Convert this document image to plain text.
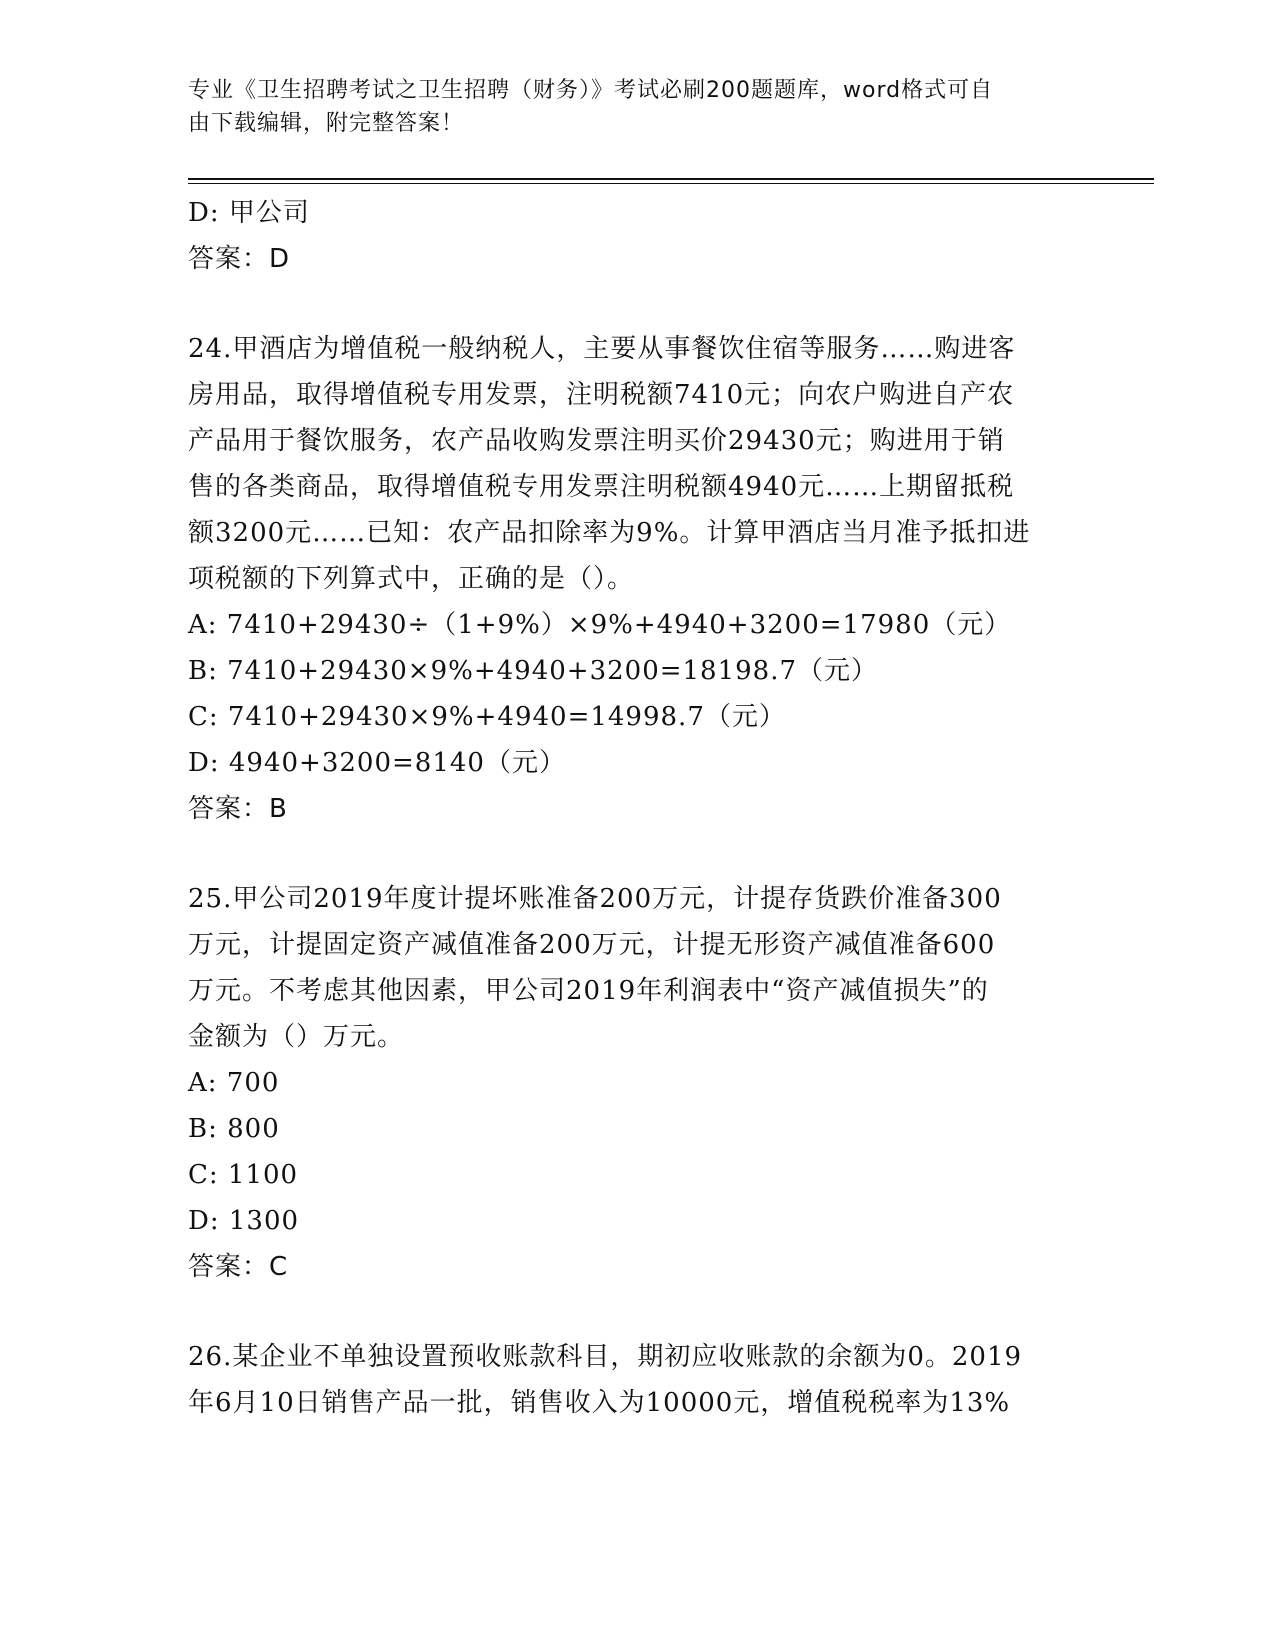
专业《卫生招聘考试之卫生招聘（财务）》考试必刷200题题库，word格式可自
由下载编辑，附完整答案！
D: 甲公司
答案：D
24.甲酒店为增值税一般纳税人，主要从事餐饮住宿等服务……购进客
房用品，取得增值税专用发票，注明税额7410元；向农户购进自产农
产品用于餐饮服务，农产品收购发票注明买价29430元；购进用于销
售的各类商品，取得增值税专用发票注明税额4940元……上期留抵税
额3200元……已知：农产品扣除率为9%。计算甲酒店当月准予抵扣进
项税额的下列算式中，正确的是（）。
A: 7410+29430÷（1+9%）×9%+4940+3200=17980（元）
B: 7410+29430×9%+4940+3200=18198.7（元）
C: 7410+29430×9%+4940=14998.7（元）
D: 4940+3200=8140（元）
答案：B
25.甲公司2019年度计提坏账准备200万元，计提存货跌价准备300
万元，计提固定资产减值准备200万元，计提无形资产减值准备600
万元。不考虑其他因素，甲公司2019年利润表中“资产减值损失”的
金额为（）万元。
A: 700
B: 800
C: 1100
D: 1300
答案：C
26.某企业不单独设置预收账款科目，期初应收账款的余额为0。2019
年6月10日销售产品一批，销售收入为10000元，增值税税率为13%
